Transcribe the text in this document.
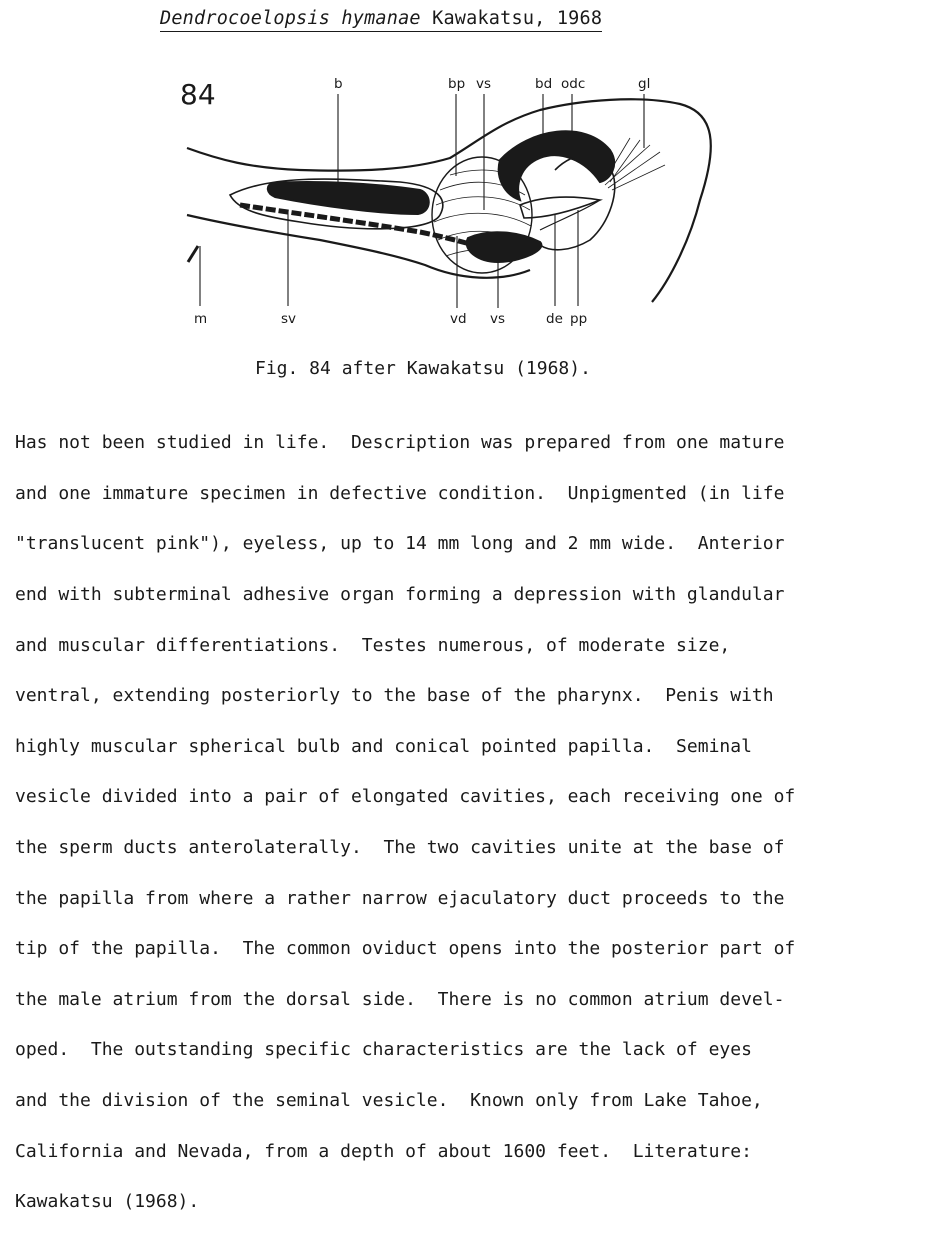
Dendrocoelopsis hymanae Kawakatsu, 1968
84	b	bp vs	bd odc	gl
m	sv	vd vs	de pp
Fig. 84 after Kawakatsu (1968).

Has not been studied in life.  Description was prepared from one mature

and one immature specimen in defective condition.  Unpigmented (in life

"translucent pink"), eyeless, up to 14 mm long and 2 mm wide.  Anterior

end with subterminal adhesive organ forming a depression with glandular

and muscular differentiations.  Testes numerous, of moderate size,

ventral, extending posteriorly to the base of the pharynx.  Penis with

highly muscular spherical bulb and conical pointed papilla.  Seminal

vesicle divided into a pair of elongated cavities, each receiving one of

the sperm ducts anterolaterally.  The two cavities unite at the base of

the papilla from where a rather narrow ejaculatory duct proceeds to the

tip of the papilla.  The common oviduct opens into the posterior part of

the male atrium from the dorsal side.  There is no common atrium devel-

oped.  The outstanding specific characteristics are the lack of eyes

and the division of the seminal vesicle.  Known only from Lake Tahoe,

California and Nevada, from a depth of about 1600 feet.  Literature:

Kawakatsu (1968).
